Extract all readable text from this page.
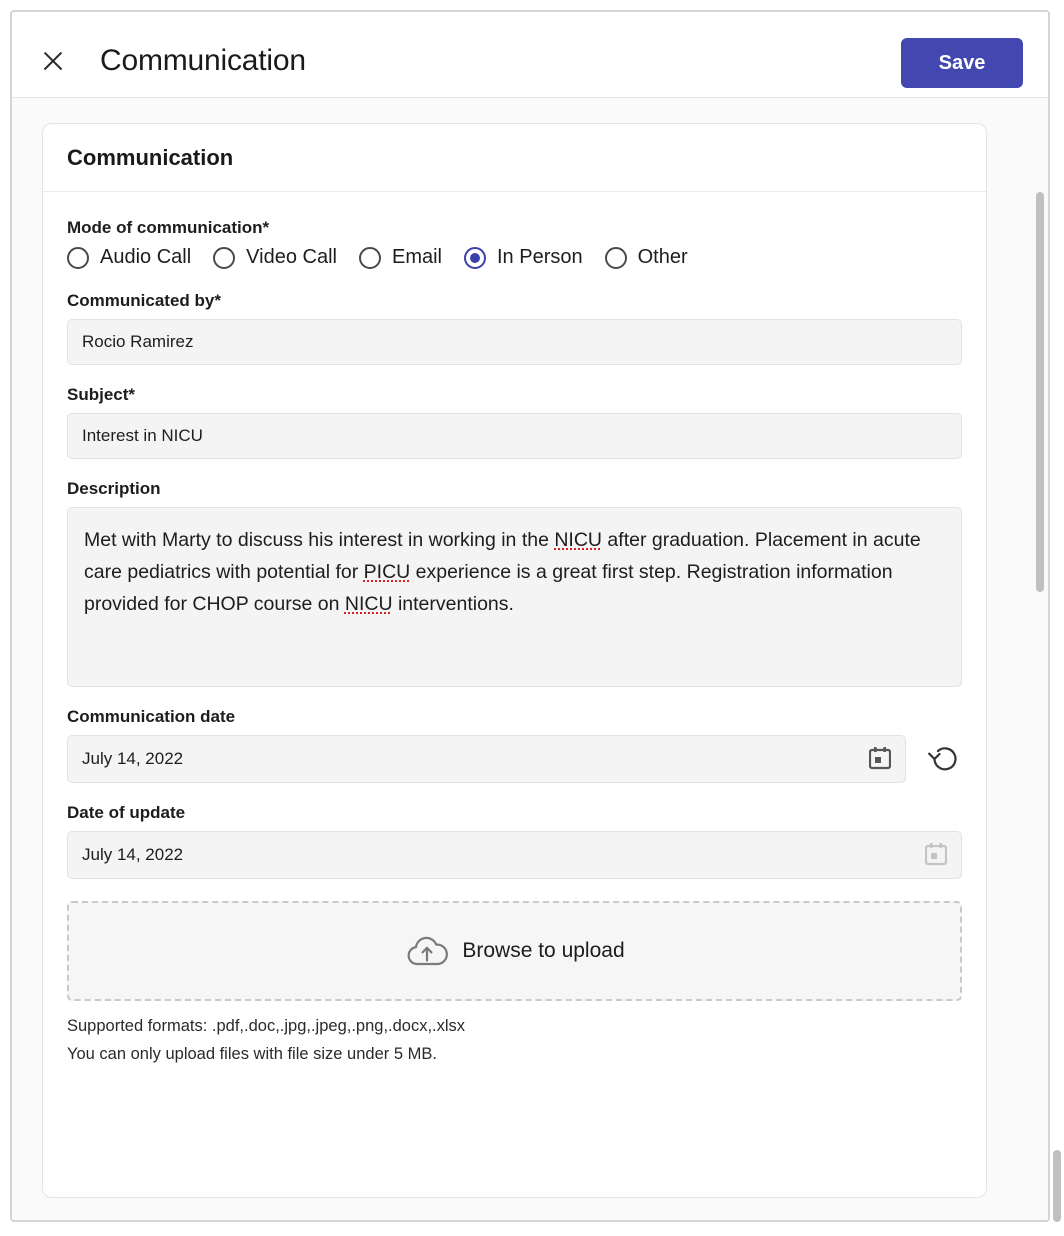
Communication	Save
Communication
Mode of communication*
Audio Call	Video Call	Email	In Person	Other
Communicated by*
Rocio Ramirez
Subject*
Interest in NICU
Description
Met with Marty to discuss his interest in working in the NICU after graduation. Placement in acute care pediatrics with potential for PICU experience is a great first step. Registration information provided for CHOP course on NICU interventions.
Communication date
July 14, 2022
Date of update
July 14, 2022
Browse to upload
Supported formats: .pdf,.doc,.jpg,.jpeg,.png,.docx,.xlsx
You can only upload files with file size under 5 MB.
